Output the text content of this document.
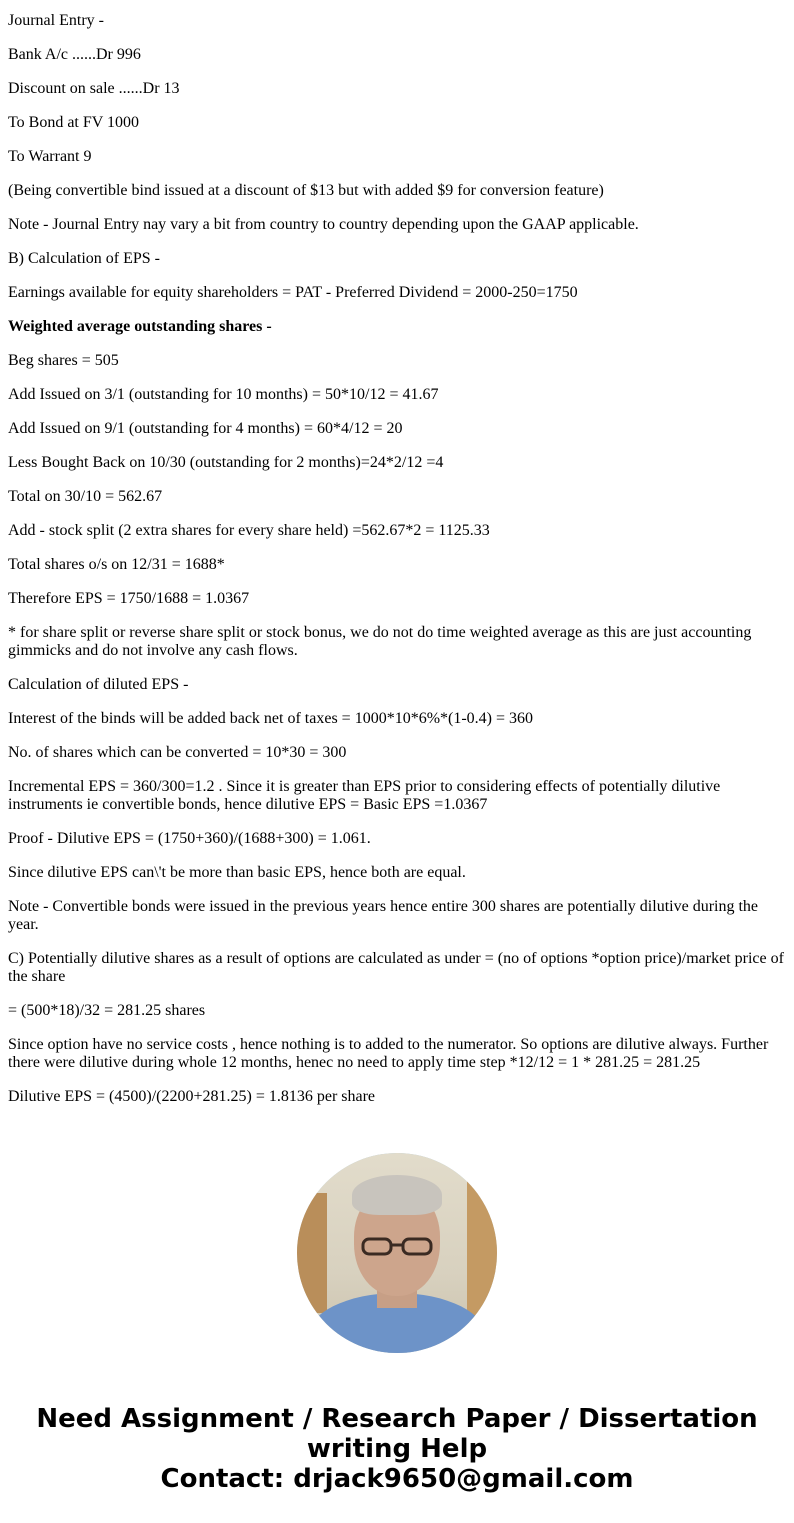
Journal Entry -

Bank A/c ......Dr 996

Discount on sale ......Dr 13

To Bond at FV 1000

To Warrant 9

(Being convertible bind issued at a discount of $13 but with added $9 for conversion feature)

Note - Journal Entry nay vary a bit from country to country depending upon the GAAP applicable.

B) Calculation of EPS -

Earnings available for equity shareholders = PAT - Preferred Dividend = 2000-250=1750

Weighted average outstanding shares -

Beg shares = 505

Add Issued on 3/1 (outstanding for 10 months) = 50*10/12 = 41.67

Add Issued on 9/1 (outstanding for 4 months) = 60*4/12 = 20

Less Bought Back on 10/30 (outstanding for 2 months)=24*2/12 =4

Total on 30/10 = 562.67

Add - stock split (2 extra shares for every share held) =562.67*2 = 1125.33

Total shares o/s on 12/31 = 1688*

Therefore EPS = 1750/1688 = 1.0367

* for share split or reverse share split or stock bonus, we do not do time weighted average as this are just accounting gimmicks and do not involve any cash flows.

Calculation of diluted EPS -

Interest of the binds will be added back net of taxes = 1000*10*6%*(1-0.4) = 360

No. of shares which can be converted = 10*30 = 300

Incremental EPS = 360/300=1.2 . Since it is greater than EPS prior to considering effects of potentially dilutive instruments ie convertible bonds, hence dilutive EPS = Basic EPS =1.0367

Proof - Dilutive EPS = (1750+360)/(1688+300) = 1.061.

Since dilutive EPS can\'t be more than basic EPS, hence both are equal.

Note - Convertible bonds were issued in the previous years hence entire 300 shares are potentially dilutive during the year.

C) Potentially dilutive shares as a result of options are calculated as under = (no of options *option price)/market price of the share

= (500*18)/32 = 281.25 shares

Since option have no service costs , hence nothing is to added to the numerator. So options are dilutive always. Further there were dilutive during whole 12 months, henec no need to apply time step *12/12 = 1 * 281.25 = 281.25

Dilutive EPS = (4500)/(2200+281.25) = 1.8136 per share

Need Assignment / Research Paper / Dissertation
writing Help
Contact: drjack9650@gmail.com
